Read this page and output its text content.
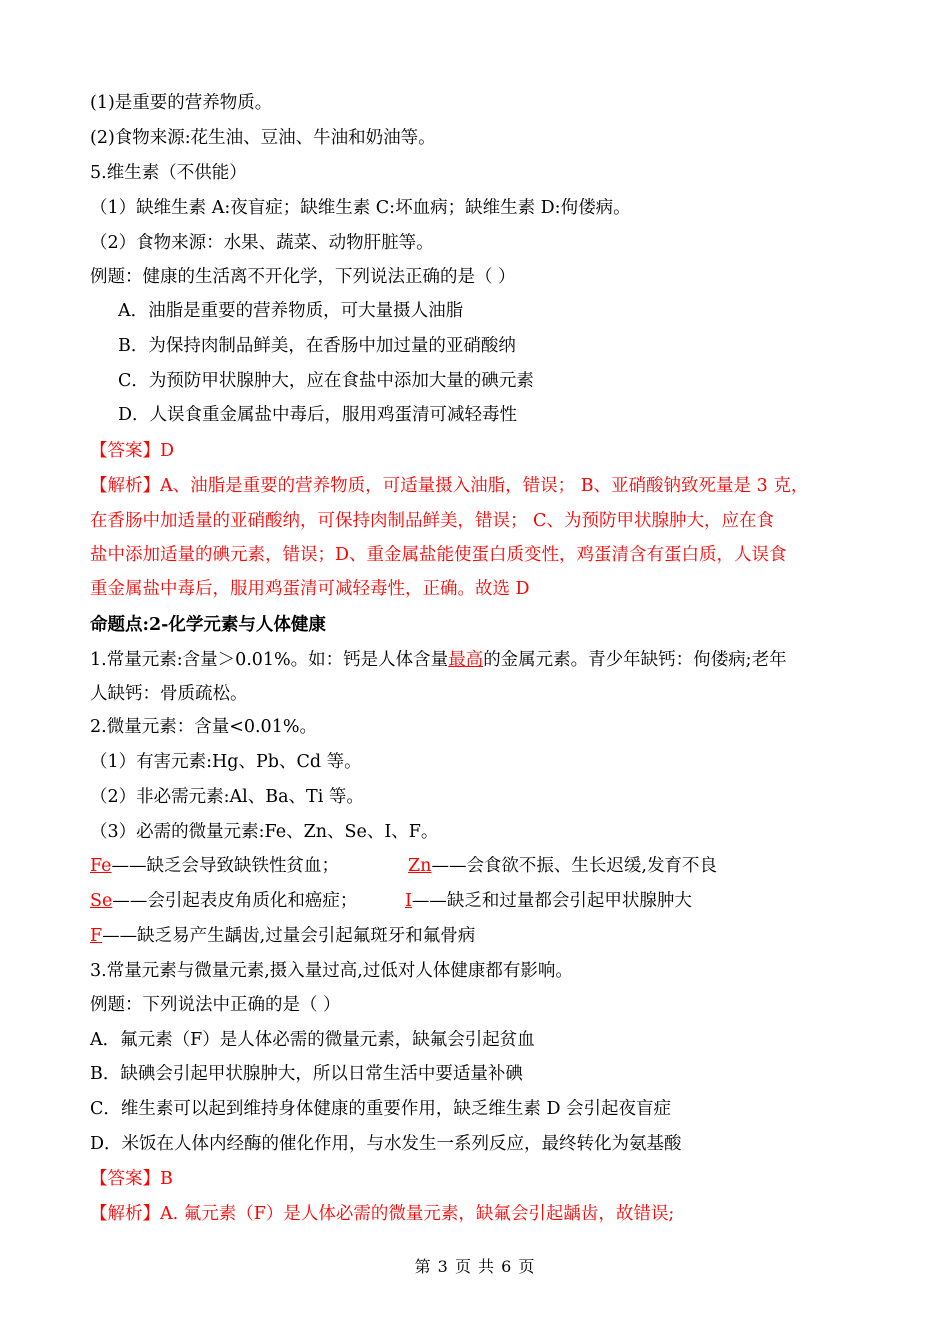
(1)是重要的营养物质。
(2)食物来源:花生油、豆油、牛油和奶油等。
5.维生素（不供能）
（1）缺维生素 A:夜盲症；缺维生素 C:坏血病；缺维生素 D:佝偻病。
（2）食物来源：水果、蔬菜、动物肝脏等。
例题：健康的生活离不开化学，下列说法正确的是（ ）
A．油脂是重要的营养物质，可大量摄人油脂
B．为保持肉制品鲜美，在香肠中加过量的亚硝酸纳
C．为预防甲状腺肿大，应在食盐中添加大量的碘元素
D．人误食重金属盐中毒后，服用鸡蛋清可减轻毒性
【答案】D
【解析】A、油脂是重要的营养物质，可适量摄入油脂，错误； B、亚硝酸钠致死量是 3 克，
在香肠中加适量的亚硝酸纳，可保持肉制品鲜美，错误； C、为预防甲状腺肿大，应在食
盐中添加适量的碘元素，错误；D、重金属盐能使蛋白质变性，鸡蛋清含有蛋白质，人误食
重金属盐中毒后，服用鸡蛋清可减轻毒性，正确。故选 D
命题点:2-化学元素与人体健康
1.常量元素:含量＞0.01%。如：钙是人体含量最高的金属元素。青少年缺钙：佝偻病;老年
人缺钙：骨质疏松。
2.微量元素：含量<0.01%。
（1）有害元素:Hg、Pb、Cd 等。
（2）非必需元素:Al、Ba、Ti 等。
（3）必需的微量元素:Fe、Zn、Se、I、F。
Fe——缺乏会导致缺铁性贫血；	Zn——会食欲不振、生长迟缓,发育不良
Se——会引起表皮角质化和癌症；	I——缺乏和过量都会引起甲状腺肿大
F——缺乏易产生龋齿,过量会引起氟斑牙和氟骨病
3.常量元素与微量元素,摄入量过高,过低对人体健康都有影响。
例题：下列说法中正确的是（ ）
A．氟元素（F）是人体必需的微量元素，缺氟会引起贫血
B．缺碘会引起甲状腺肿大，所以日常生活中要适量补碘
C．维生素可以起到维持身体健康的重要作用，缺乏维生素 D 会引起夜盲症
D．米饭在人体内经酶的催化作用，与水发生一系列反应，最终转化为氨基酸
【答案】B
【解析】A. 氟元素（F）是人体必需的微量元素，缺氟会引起龋齿，故错误;
第 3 页 共 6 页
